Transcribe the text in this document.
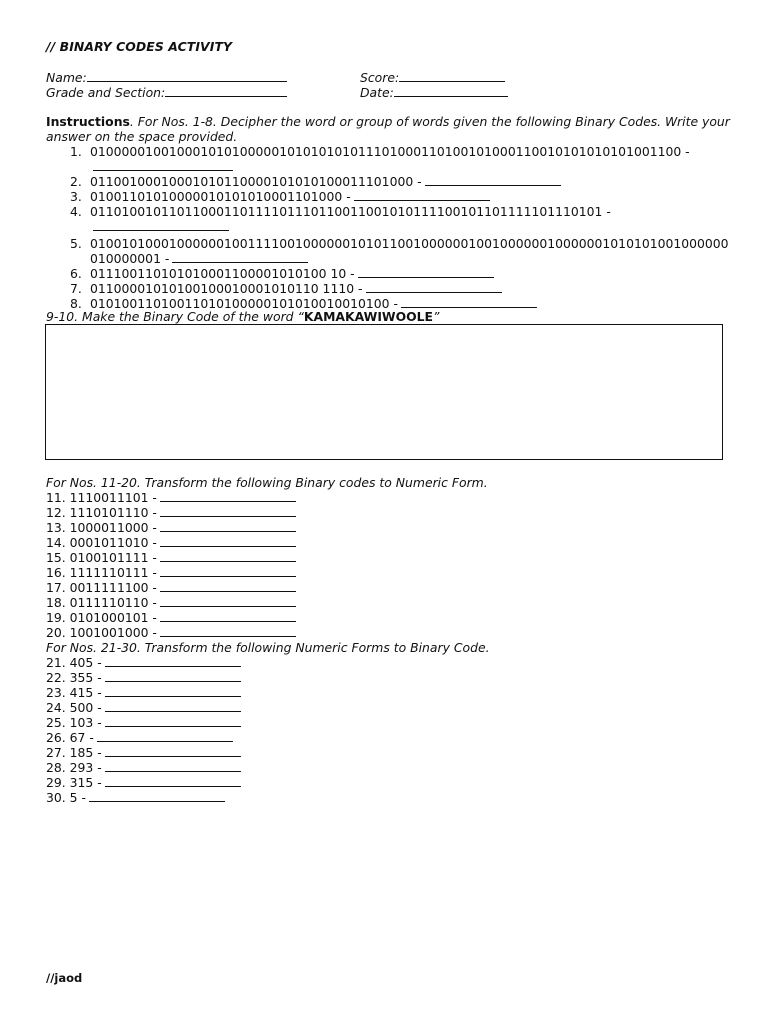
// BINARY CODES ACTIVITY
Name:	Score:
Grade and Section:	Date:
Instructions. For Nos. 1-8. Decipher the word or group of words given the following Binary Codes. Write your answer on the space provided.
1. 010000010010001010100000101010101011101000110100101000110010101010101001100 -
2. 01100100010001010110000101010100011101000 -
3. 01001101010000010101010001101000 -
4. 01101001011011000110111101110110011001010111100101101111101110101 -
5. 010010100010000001001111001000000101011001000000100100000010000001010101001000000010000001 -
6. 011100110101010001100001010100 10 -
7. 01100001010100100010001010110 1110 -
8. 01010011010011010100000101010010010100 -
9-10. Make the Binary Code of the word “KAMAKAWIWOOLE”
For Nos. 11-20. Transform the following Binary codes to Numeric Form.
11. 1110011101 -
12. 1110101110 -
13. 1000011000 -
14. 0001011010 -
15. 0100101111 -
16. 1111110111 -
17. 0011111100 -
18. 0111110110 -
19. 0101000101 -
20. 1001001000 -
For Nos. 21-30. Transform the following Numeric Forms to Binary Code.
21. 405 -
22. 355 -
23. 415 -
24. 500 -
25. 103 -
26. 67 -
27. 185 -
28. 293 -
29. 315 -
30. 5 -
//jaod
